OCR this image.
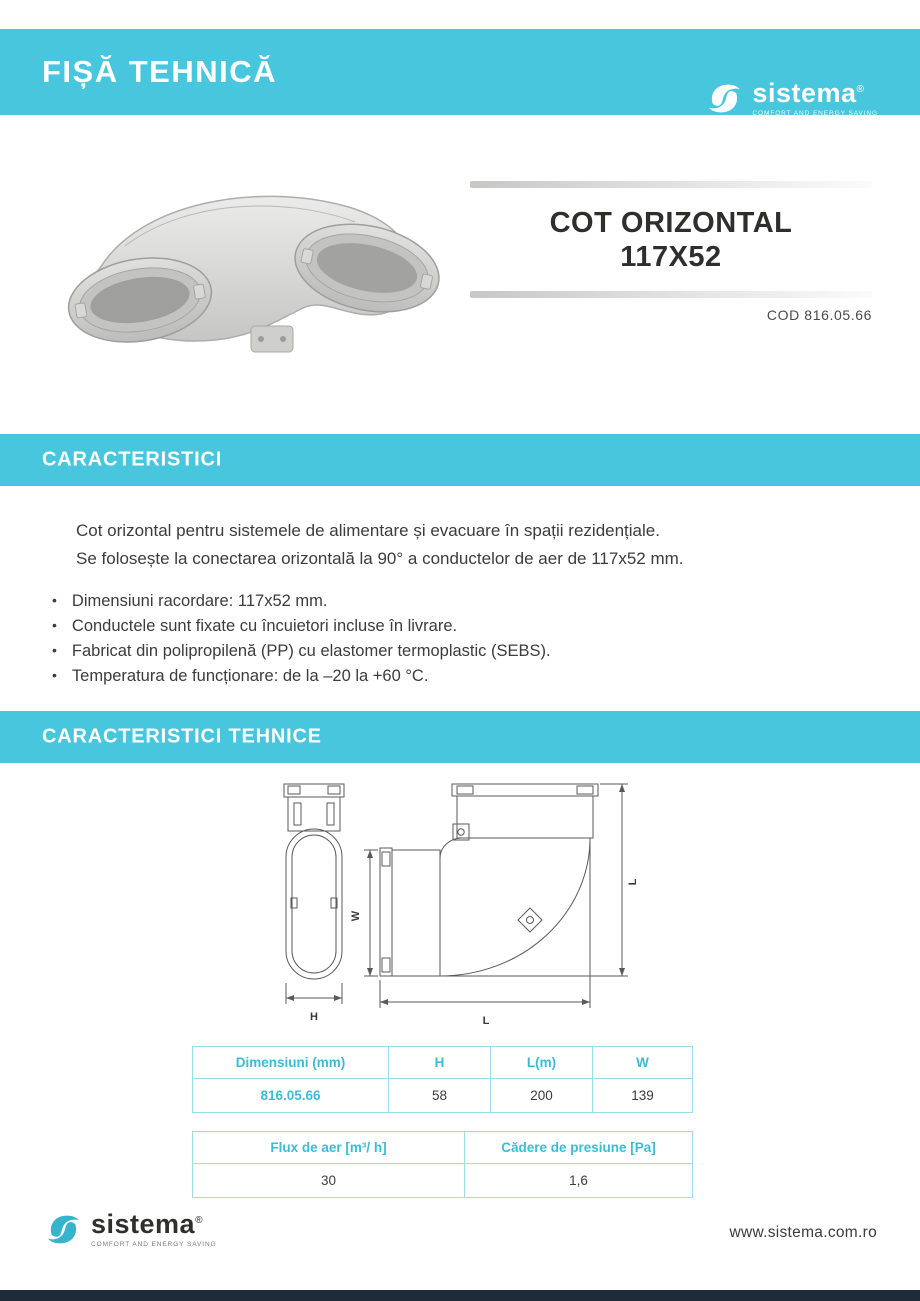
FIȘĂ TEHNICĂ
sistema®
COMFORT AND ENERGY SAVING
COT ORIZONTAL
117X52
COD 816.05.66
CARACTERISTICI
Cot orizontal pentru sistemele de alimentare și evacuare în spații rezidențiale.
Se folosește la conectarea orizontală la 90° a conductelor de aer de 117x52 mm.
• Dimensiuni racordare: 117x52 mm.
• Conductele sunt fixate cu încuietori incluse în livrare.
• Fabricat din polipropilenă (PP) cu elastomer termoplastic (SEBS).
• Temperatura de funcționare: de la –20 la +60 °C.
CARACTERISTICI TEHNICE
H
W
L
L
Dimensiuni (mm)	H	L(m)	W
816.05.66	58	200	139
Flux de aer [m³/ h]	Cădere de presiune [Pa]
30	1,6
sistema®
COMFORT AND ENERGY SAVING
www.sistema.com.ro
